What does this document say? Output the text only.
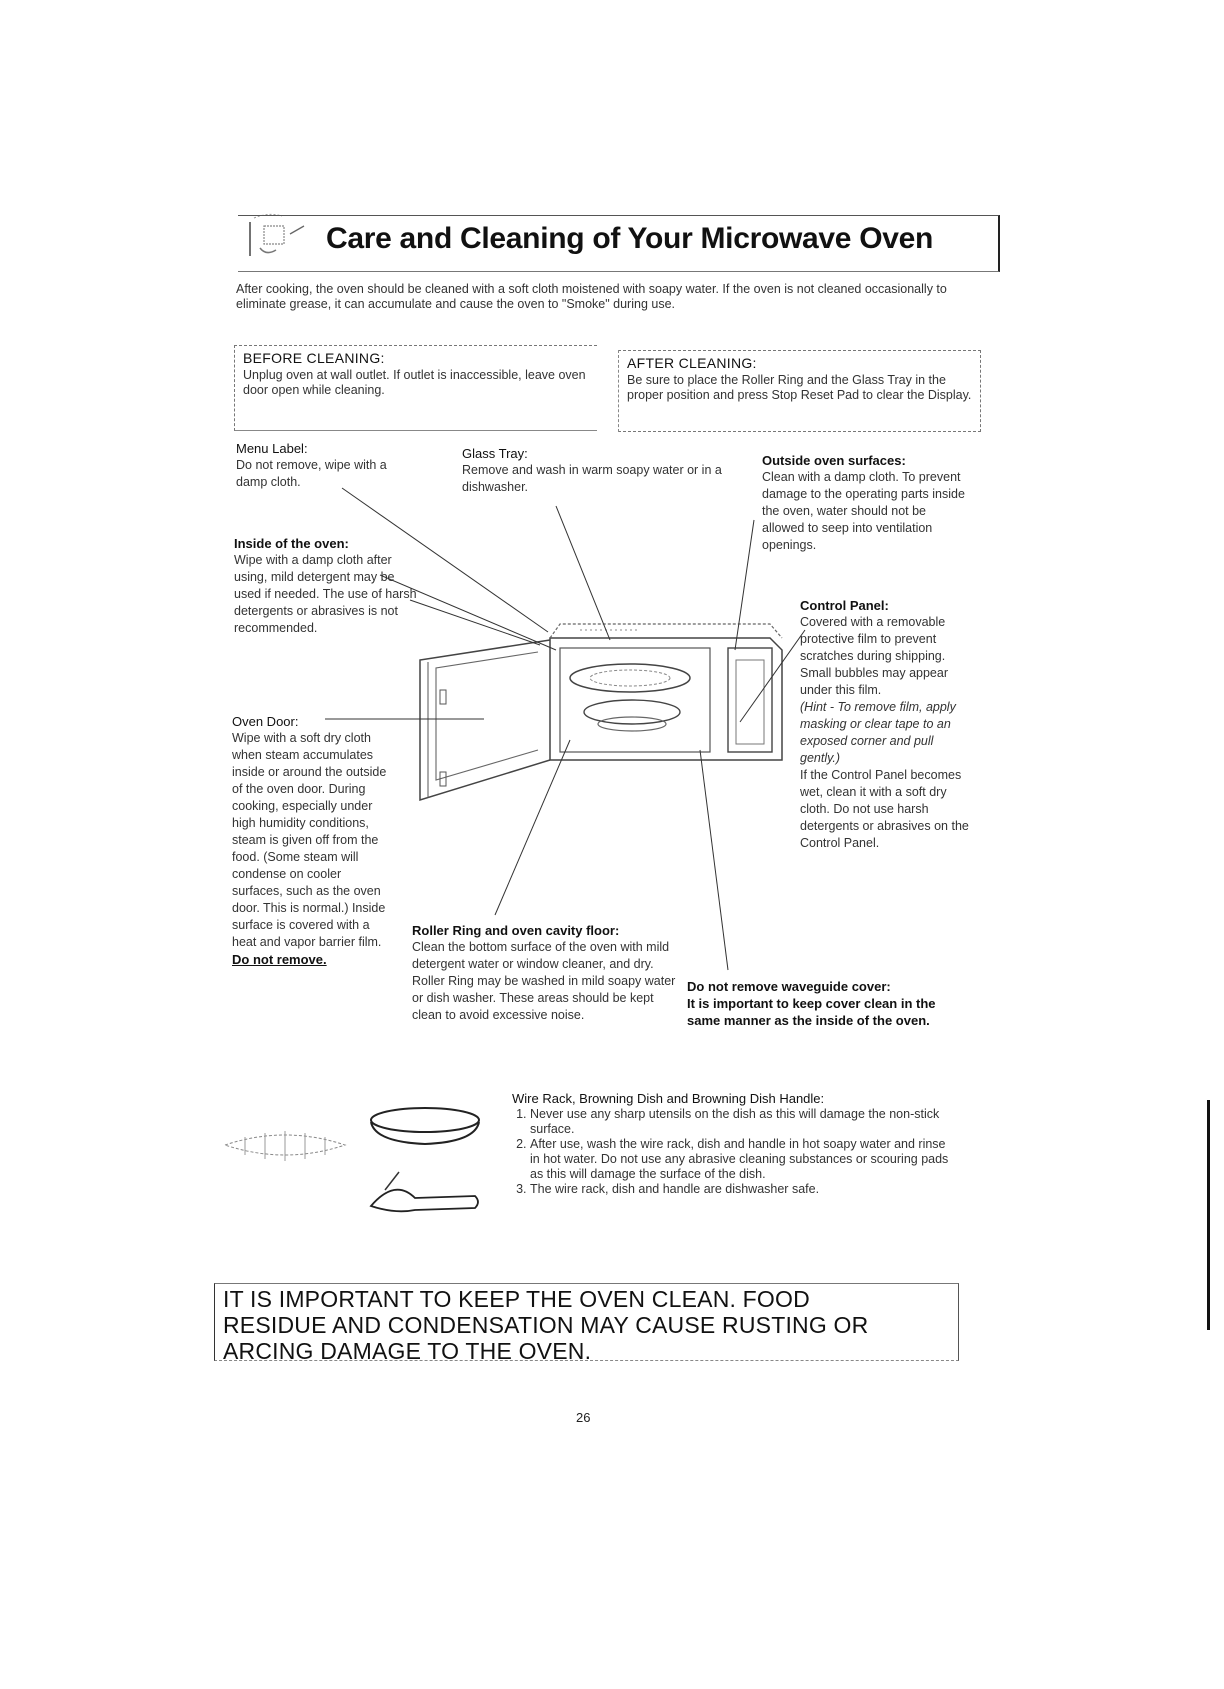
Care and Cleaning of Your Microwave Oven
After cooking, the oven should be cleaned with a soft cloth moistened with soapy water. If the oven is not cleaned occasionally to eliminate grease, it can accumulate and cause the oven to "Smoke" during use.
BEFORE CLEANING:
Unplug oven at wall outlet. If outlet is inaccessible, leave oven door open while cleaning.
AFTER CLEANING:
Be sure to place the Roller Ring and the Glass Tray in the proper position and press Stop Reset Pad to clear the Display.
Menu Label:
Do not remove, wipe with a damp cloth.
Glass Tray:
Remove and wash in warm soapy water or in a dishwasher.
Outside oven surfaces:
Clean with a damp cloth. To prevent damage to the operating parts inside the oven, water should not be allowed to seep into ventilation openings.
Inside of the oven:
Wipe with a damp cloth after using, mild detergent may be used if needed. The use of harsh detergents or abrasives is not recommended.
Control Panel:
Covered with a removable protective film to prevent scratches during shipping. Small bubbles may appear under this film.
(Hint - To remove film, apply masking or clear tape to an exposed corner and pull gently.)
If the Control Panel becomes wet, clean it with a soft dry cloth. Do not use harsh detergents or abrasives on the Control Panel.
Oven Door:
Wipe with a soft dry cloth when steam accumulates inside or around the outside of the oven door. During cooking, especially under high humidity conditions, steam is given off from the food. (Some steam will condense on cooler surfaces, such as the oven door. This is normal.) Inside surface is covered with a heat and vapor barrier film.
Do not remove.
Roller Ring and oven cavity floor:
Clean the bottom surface of the oven with mild detergent water or window cleaner, and dry. Roller Ring may be washed in mild soapy water or dish washer. These areas should be kept clean to avoid excessive noise.
Do not remove waveguide cover:
It is important to keep cover clean in the same manner as the inside of the oven.
Wire Rack, Browning Dish and Browning Dish Handle:
1. Never use any sharp utensils on the dish as this will damage the non-stick surface.
2. After use, wash the wire rack, dish and handle in hot soapy water and rinse in hot water. Do not use any abrasive cleaning substances or scouring pads as this will damage the surface of the dish.
3. The wire rack, dish and handle are dishwasher safe.
IT IS IMPORTANT TO KEEP THE OVEN CLEAN. FOOD
RESIDUE AND CONDENSATION MAY CAUSE RUSTING OR
ARCING DAMAGE TO THE OVEN.
26
